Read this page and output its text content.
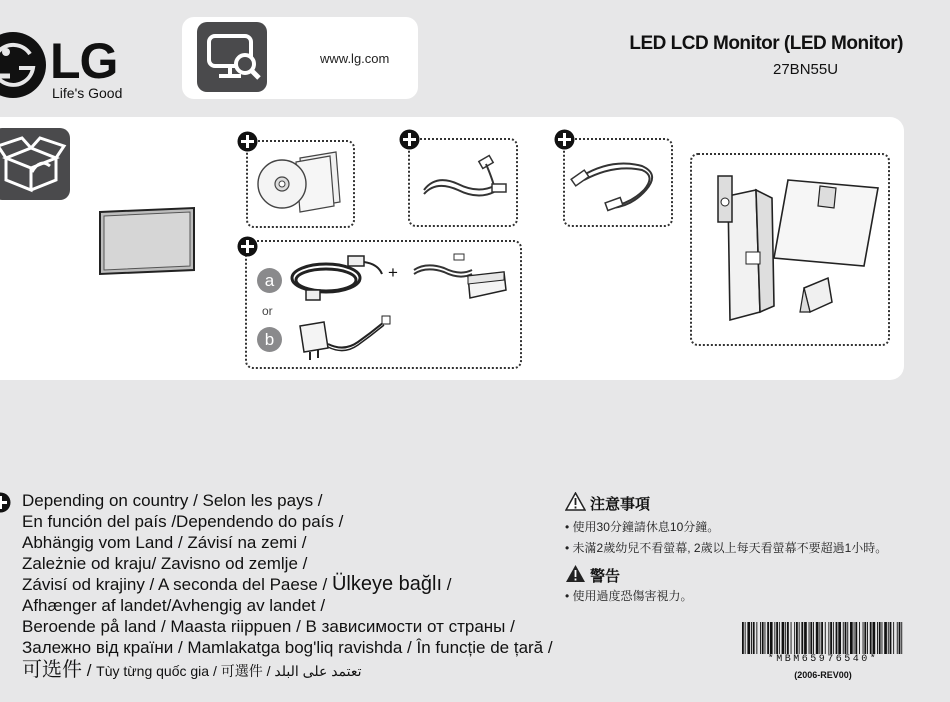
LG
Life's Good
www.lg.com
LED LCD Monitor (LED Monitor)
27BN55U
a
or
b
+
Depending on country / Selon les pays /
En función del país /Dependendo do país /
Abhängig vom Land / Závisí na zemi /
Zależnie od kraju/ Zavisno od zemlje /
Závisí od krajiny / A seconda del Paese / Ülkeye bağlı /
Afhænger af landet/Avhengig av landet /
Beroende på land / Maasta riippuen / В зависимости от страны /
Залежно від країни / Mamlakatga bog'liq ravishda / În funcție de țară /
可选件 / Tùy từng quốc gia / 可選件 / تعتمد على البلد
注意事項
• 使用30分鐘請休息10分鐘。
• 未滿2歲幼兒不看螢幕, 2歲以上每天看螢幕不要超過1小時。
警告
• 使用過度恐傷害視力。
*MBM65976540*
(2006-REV00)
